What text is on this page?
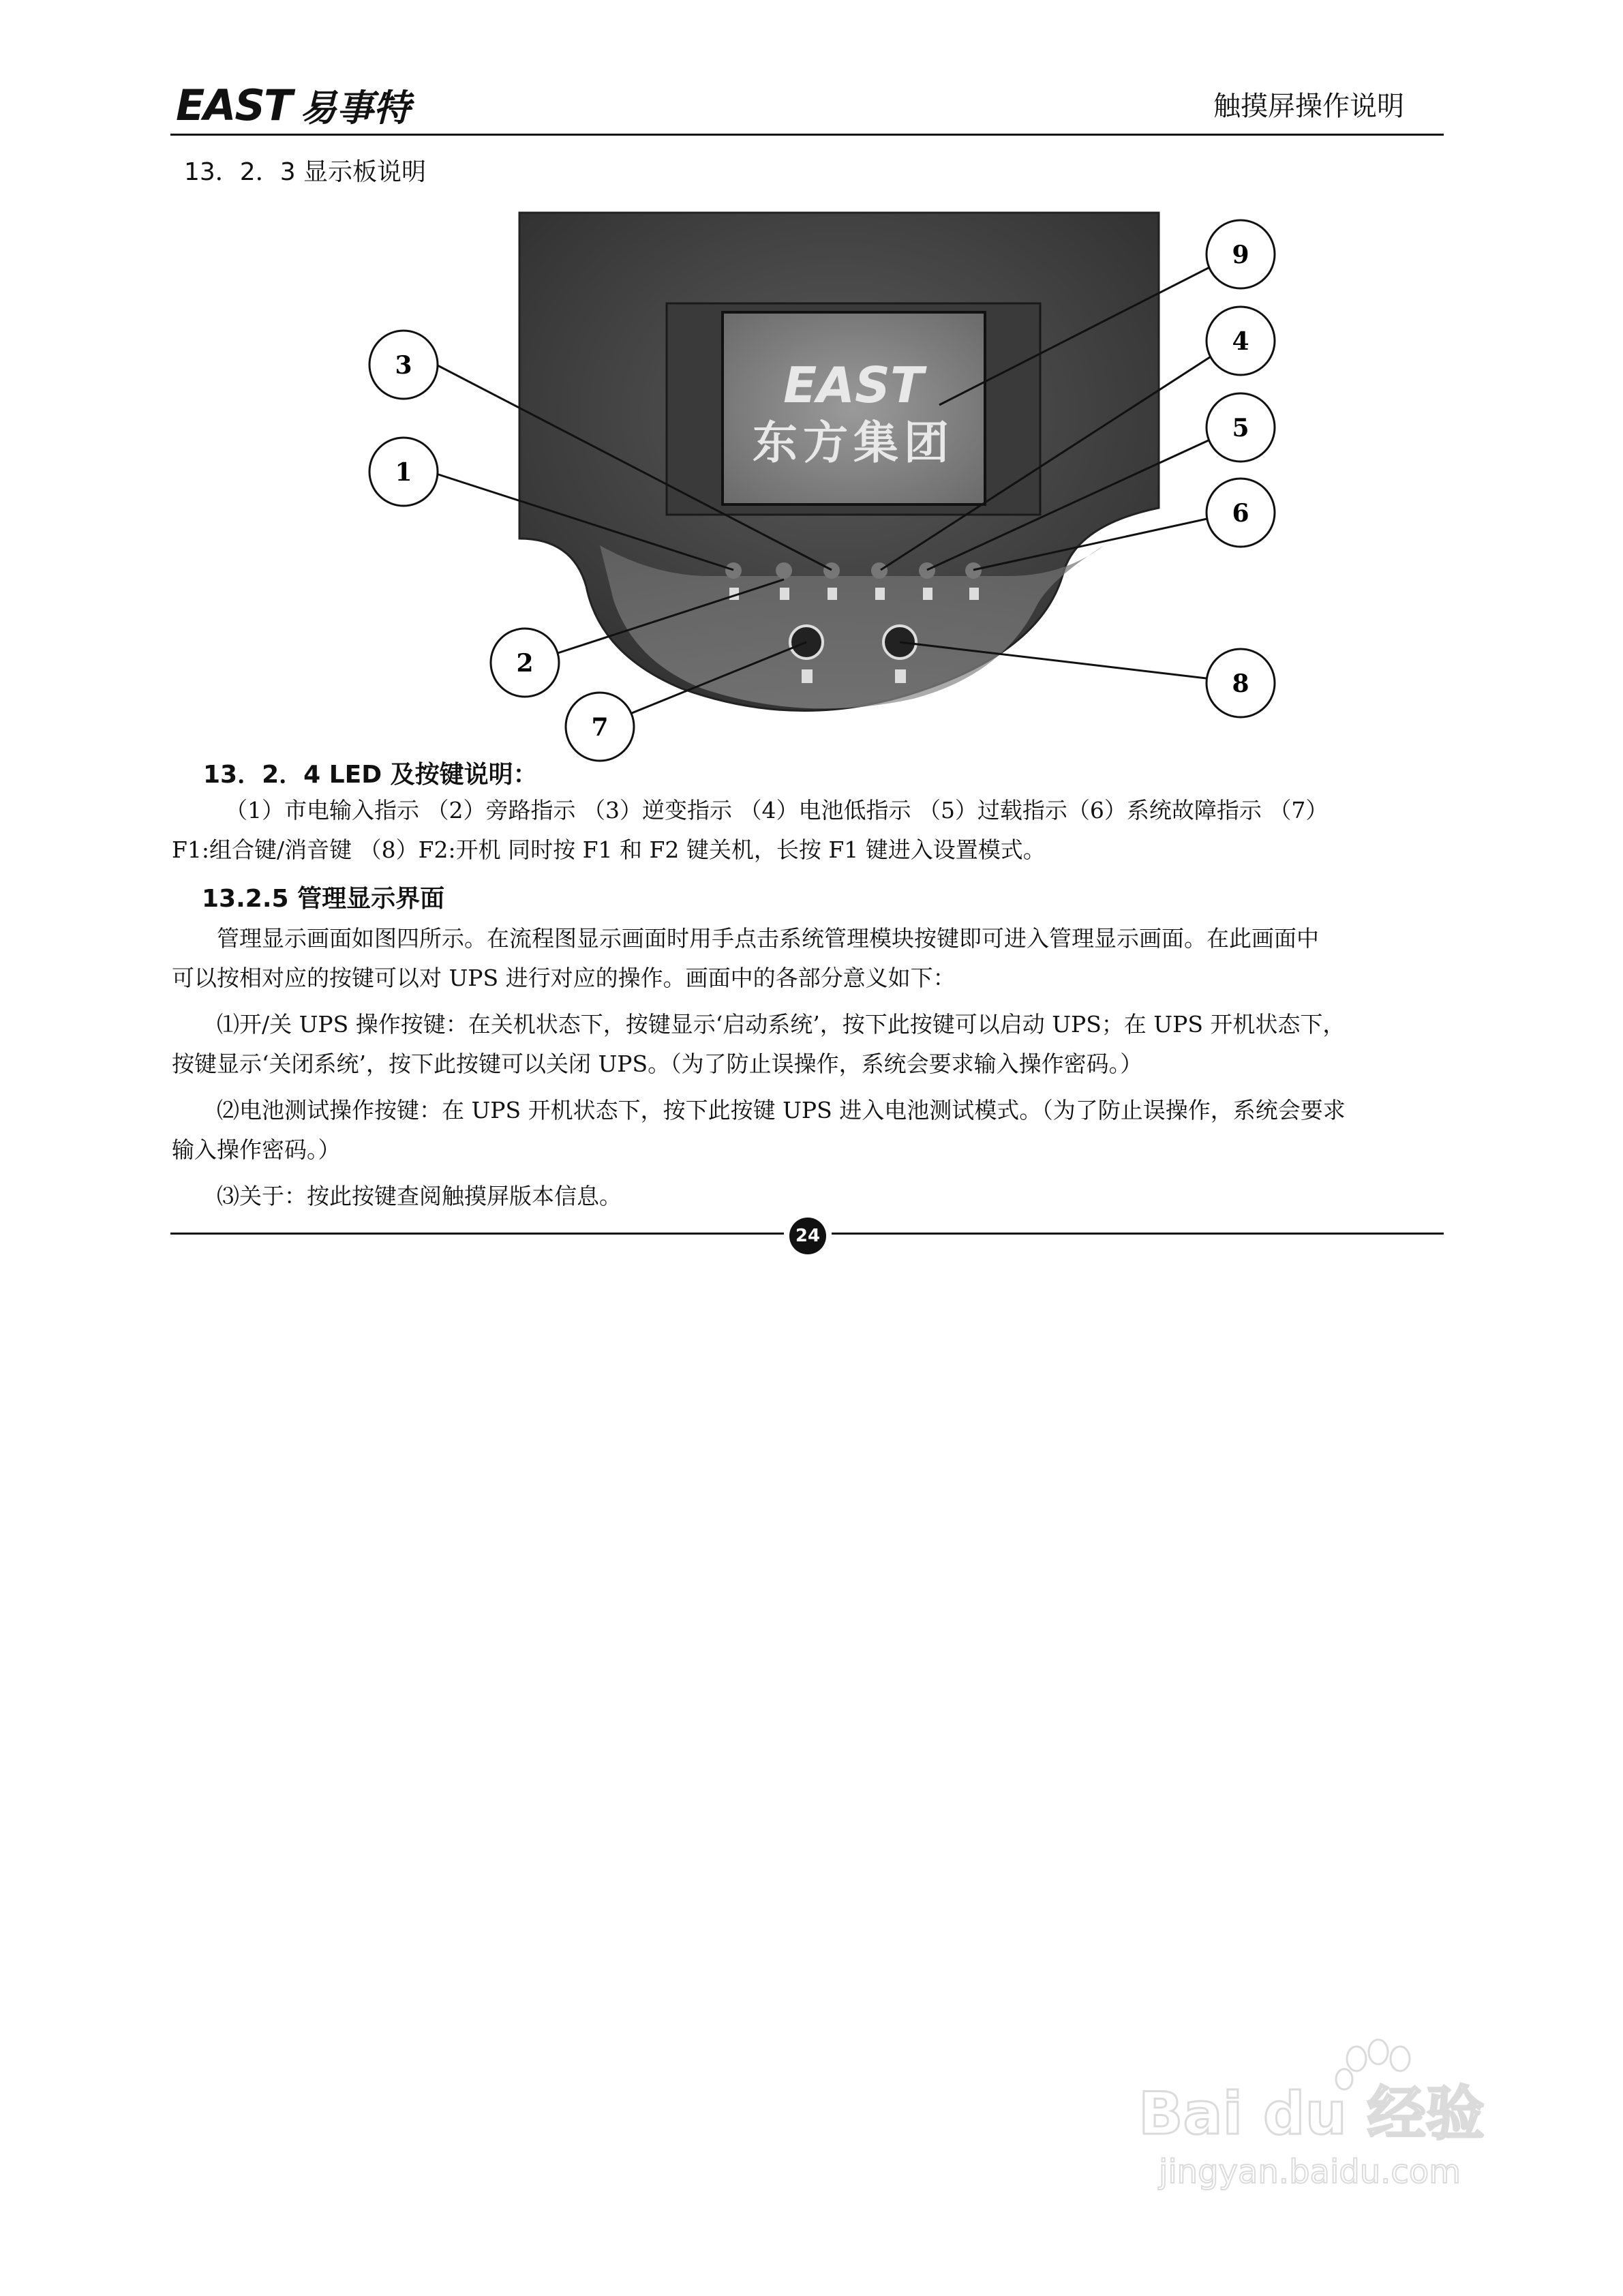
EAST 易事特	触摸屏操作说明
13．2．3 显示板说明
EAST
东方集团
9
4
5
6
3
1
2
7
8
13．2．4 LED 及按键说明：
（1）市电输入指示 （2）旁路指示 （3）逆变指示 （4）电池低指示 （5）过载指示（6）系统故障指示 （7）
F1:组合键/消音键 （8）F2:开机 同时按 F1 和 F2 键关机，长按 F1 键进入设置模式。
13.2.5 管理显示界面
管理显示画面如图四所示。在流程图显示画面时用手点击系统管理模块按键即可进入管理显示画面。在此画面中
可以按相对应的按键可以对 UPS 进行对应的操作。画面中的各部分意义如下：
⑴开/关 UPS 操作按键：在关机状态下，按键显示‘启动系统’，按下此按键可以启动 UPS；在 UPS 开机状态下，
按键显示‘关闭系统’，按下此按键可以关闭 UPS。（为了防止误操作，系统会要求输入操作密码。）
⑵电池测试操作按键：在 UPS 开机状态下，按下此按键 UPS 进入电池测试模式。（为了防止误操作，系统会要求
输入操作密码。）
⑶关于：按此按键查阅触摸屏版本信息。
24
Bai du 经验
jingyan.baidu.com
